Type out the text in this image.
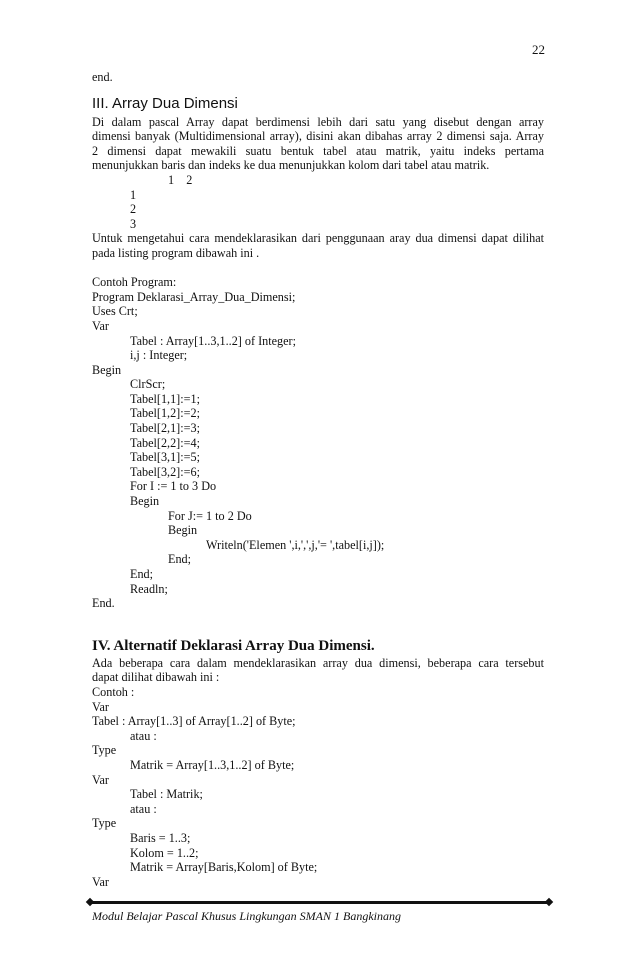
22
end.
III. Array Dua Dimensi
Di dalam pascal Array dapat berdimensi lebih dari satu yang disebut dengan array
dimensi banyak (Multidimensional array), disini akan dibahas array 2 dimensi saja. Array
2 dimensi dapat mewakili suatu bentuk tabel atau matrik, yaitu indeks pertama
menunjukkan baris dan indeks ke dua menunjukkan kolom dari tabel atau matrik.
1    2
1
2
3
Untuk mengetahui cara mendeklarasikan dari penggunaan aray dua dimensi dapat dilihat
pada listing program dibawah ini .
Contoh Program:
Program Deklarasi_Array_Dua_Dimensi;
Uses Crt;
Var
Tabel : Array[1..3,1..2] of Integer;
i,j : Integer;
Begin
ClrScr;
Tabel[1,1]:=1;
Tabel[1,2]:=2;
Tabel[2,1]:=3;
Tabel[2,2]:=4;
Tabel[3,1]:=5;
Tabel[3,2]:=6;
For I := 1 to 3 Do
Begin
For J:= 1 to 2 Do
Begin
Writeln('Elemen ',i,',',j,'= ',tabel[i,j]);
End;
End;
Readln;
End.
IV. Alternatif Deklarasi Array Dua Dimensi.
Ada beberapa cara dalam mendeklarasikan array dua dimensi, beberapa cara tersebut
dapat dilihat dibawah ini :
Contoh :
Var
Tabel : Array[1..3] of Array[1..2] of Byte;
atau :
Type
Matrik = Array[1..3,1..2] of Byte;
Var
Tabel : Matrik;
atau :
Type
Baris = 1..3;
Kolom = 1..2;
Matrik = Array[Baris,Kolom] of Byte;
Var
Modul Belajar Pascal Khusus Lingkungan SMAN 1 Bangkinang
